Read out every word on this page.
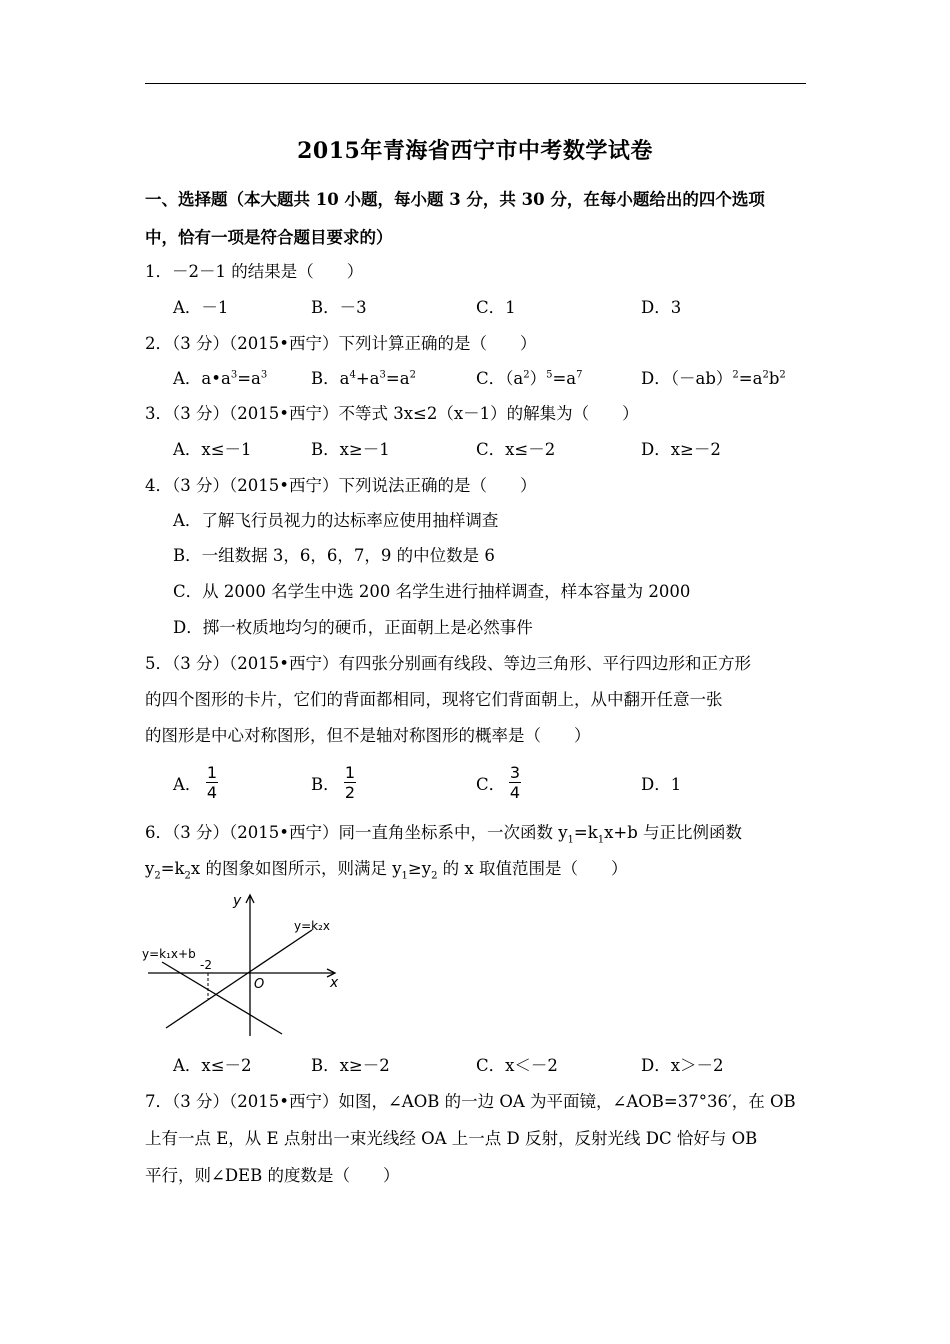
2015年青海省西宁市中考数学试卷
一、选择题（本大题共 10 小题，每小题 3 分，共 30 分，在每小题给出的四个选项
中，恰有一项是符合题目要求的）
1．－2－1 的结果是（　　）
A．－1	B．－3	C．1	D．3
2．（3 分）（2015•西宁）下列计算正确的是（　　）
A．$a•a^3=a^3$	B．$a^4+a^3=a^2$	C．$(a^2)^5=a^7$	D．$(-ab)^2=a^2b^2$
3．（3 分）（2015•西宁）不等式 3x≤2（x－1）的解集为（　　）
A．x≤－1	B．x≥－1	C．x≤－2	D．x≥－2
4．（3 分）（2015•西宁）下列说法正确的是（　　）
A．了解飞行员视力的达标率应使用抽样调查
B．一组数据 3，6，6，7，9 的中位数是 6
C．从 2000 名学生中选 200 名学生进行抽样调查，样本容量为 2000
D．掷一枚质地均匀的硬币，正面朝上是必然事件
5．（3 分）（2015•西宁）有四张分别画有线段、等边三角形、平行四边形和正方形
的四个图形的卡片，它们的背面都相同，现将它们背面朝上，从中翻开任意一张
的图形是中心对称图形，但不是轴对称图形的概率是（　　）
A．
1
4	B．
1
2	C．
3
4	D．1
6．（3 分）（2015•西宁）同一直角坐标系中，一次函数 $y_1=k_1x+b$ 与正比例函数
$y_2=k_2x$ 的图象如图所示，则满足 $y_1\ge y_2$ 的 x 取值范围是（　　）
y
x
O
-2
y=k₁x+b
y=k₂x
A．x≤－2	B．x≥－2	C．x＜－2	D．x＞－2
7．（3 分）（2015•西宁）如图，∠AOB 的一边 OA 为平面镜，∠AOB=37°36′，在 OB
上有一点 E，从 E 点射出一束光线经 OA 上一点 D 反射，反射光线 DC 恰好与 OB
平行，则∠DEB 的度数是（　　）
